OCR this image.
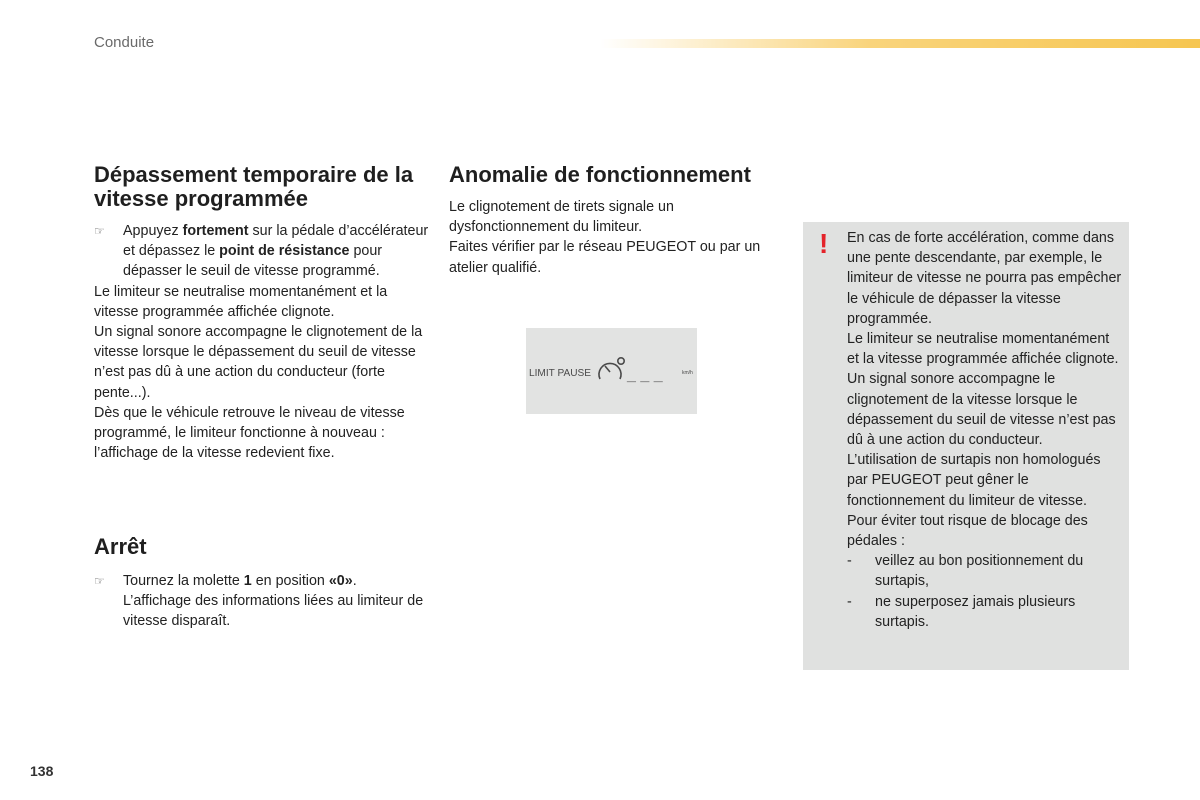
Conduite
Dépassement temporaire de la vitesse programmée

☞ Appuyez fortement sur la pédale d’accélérateur et dépassez le point de résistance pour dépasser le seuil de vitesse programmé.

Le limiteur se neutralise momentanément et la vitesse programmée affichée clignote.

Un signal sonore accompagne le clignotement de la vitesse lorsque le dépassement du seuil de vitesse n’est pas dû à une action du conducteur (forte pente...).

Dès que le véhicule retrouve le niveau de vitesse programmé, le limiteur fonctionne à nouveau : l’affichage de la vitesse redevient fixe.

Arrêt

☞ Tournez la molette 1 en position «0». L’affichage des informations liées au limiteur de vitesse disparaît.

Anomalie de fonctionnement

Le clignotement de tirets signale un dysfonctionnement du limiteur.

Faites vérifier par le réseau PEUGEOT ou par un atelier qualifié.

LIMIT PAUSE _ _ _	km/h
! En cas de forte accélération, comme dans une pente descendante, par exemple, le limiteur de vitesse ne pourra pas empêcher le véhicule de dépasser la vitesse programmée.

Le limiteur se neutralise momentanément et la vitesse programmée affichée clignote.

Un signal sonore accompagne le clignotement de la vitesse lorsque le dépassement du seuil de vitesse n’est pas dû à une action du conducteur.

L’utilisation de surtapis non homologués par PEUGEOT peut gêner le fonctionnement du limiteur de vitesse.

Pour éviter tout risque de blocage des pédales :

- veillez au bon positionnement du surtapis,

- ne superposez jamais plusieurs surtapis.

138
